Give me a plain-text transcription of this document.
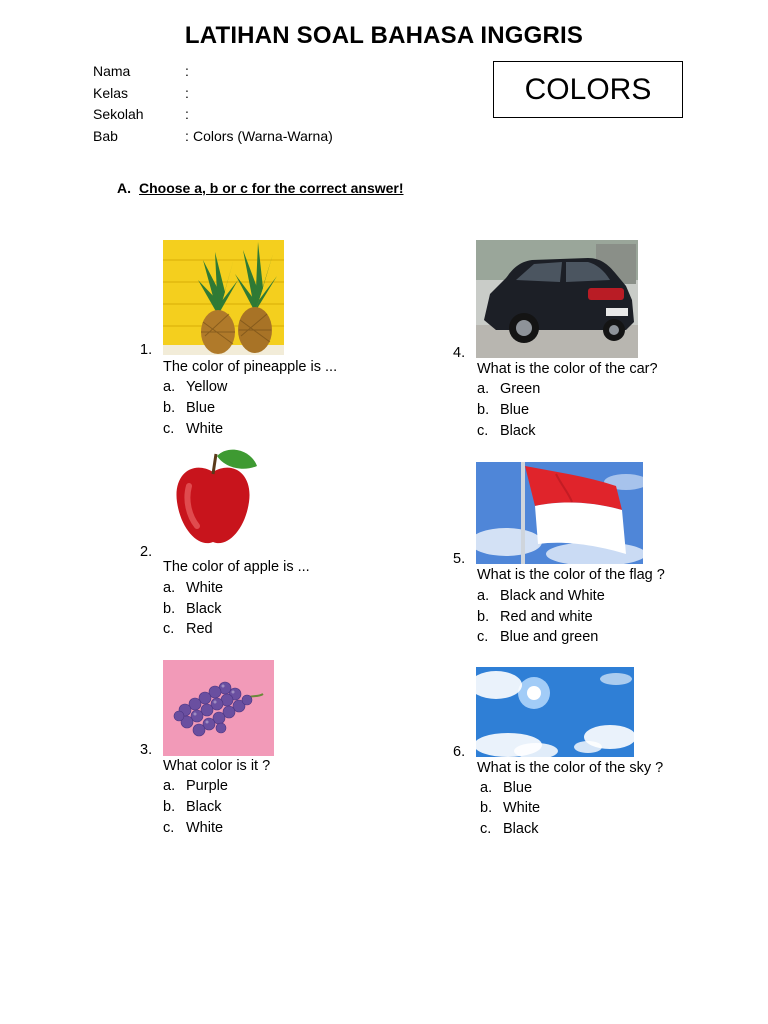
LATIHAN SOAL BAHASA INGGRIS
Nama	:
Kelas	:
Sekolah	:
Bab	: Colors (Warna-Warna)
COLORS
A. Choose a, b or c for the correct answer!
1.
The color of pineapple is ...
a. Yellow
b. Blue
c. White
2.
The color of apple is ...
a. White
b. Black
c. Red
3.
What color is it ?
a. Purple
b. Black
c. White
4.
What is the color of the car?
a. Green
b. Blue
c. Black
5.
What is the color of the flag ?
a. Black and White
b. Red and white
c. Blue and green
6.
What is the color of the sky ?
a. Blue
b. White
c. Black
